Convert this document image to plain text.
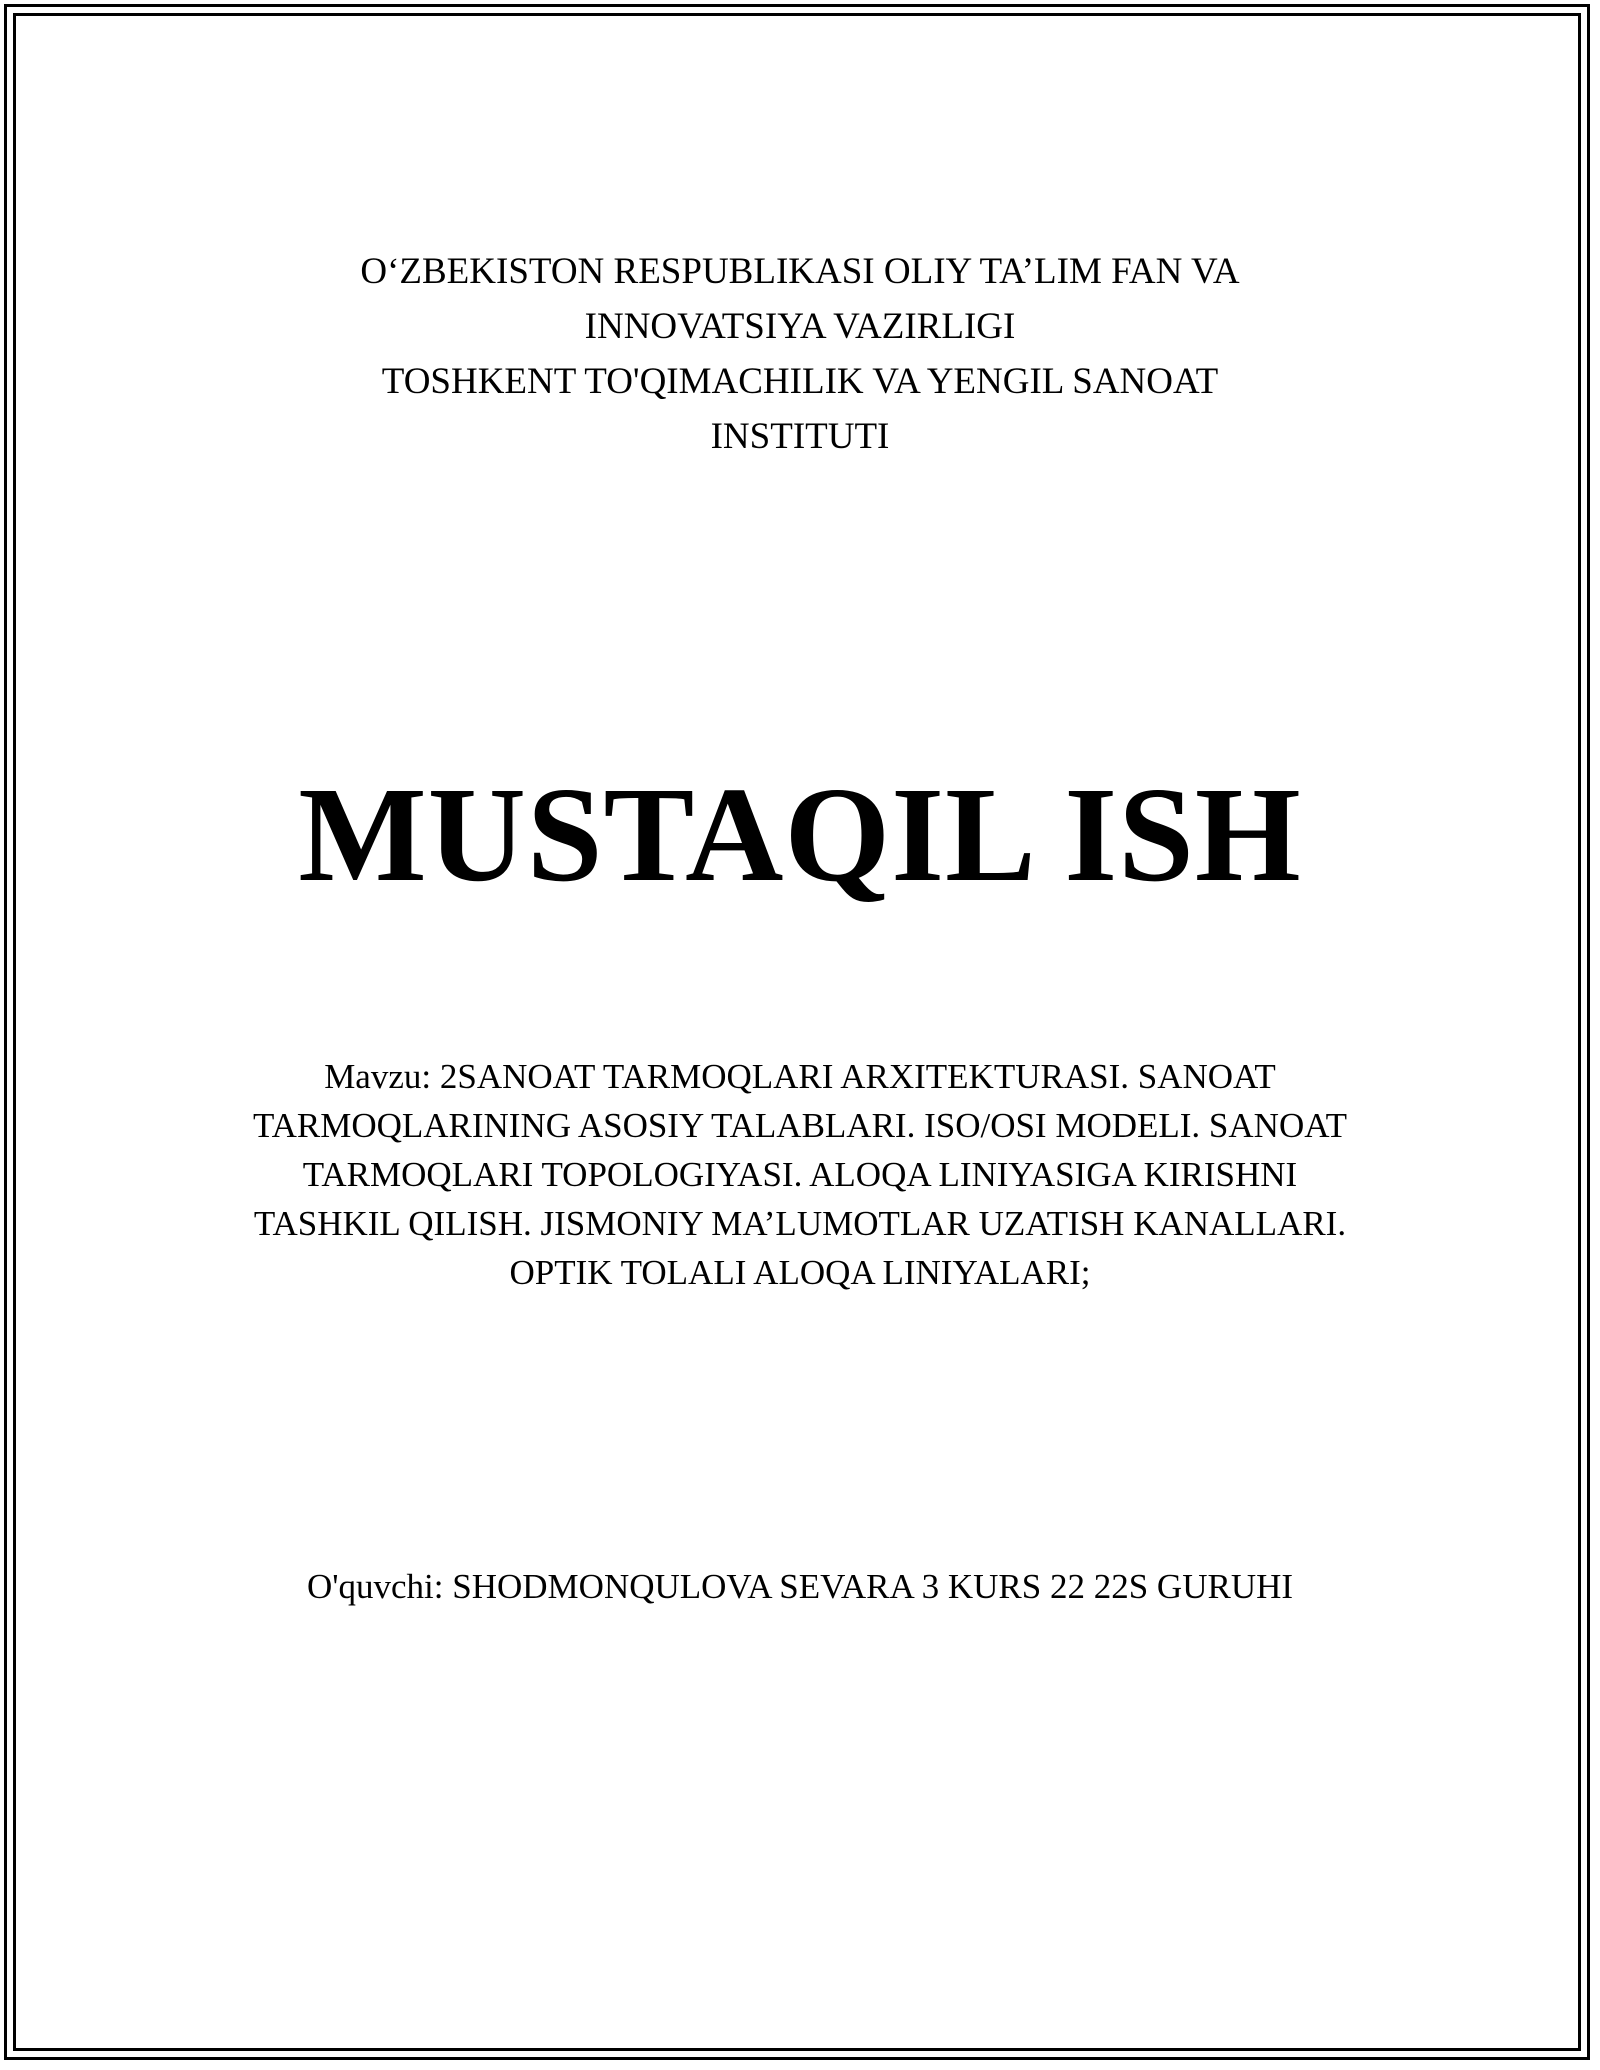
O‘ZBEKISTON RESPUBLIKASI OLIY TA’LIM FAN VA
INNOVATSIYA VAZIRLIGI
TOSHKENT TO'QIMACHILIK VA YENGIL SANOAT
INSTITUTI
MUSTAQIL ISH
Mavzu: 2SANOAT TARMOQLARI ARXITEKTURASI. SANOAT TARMOQLARINING ASOSIY TALABLARI. ISO/OSI MODELI. SANOAT TARMOQLARI TOPOLOGIYASI. ALOQA LINIYASIGA KIRISHNI TASHKIL QILISH. JISMONIY MA’LUMOTLAR UZATISH KANALLARI. OPTIK TOLALI ALOQA LINIYALARI;
O'quvchi: SHODMONQULOVA SEVARA 3 KURS 22 22S GURUHI
